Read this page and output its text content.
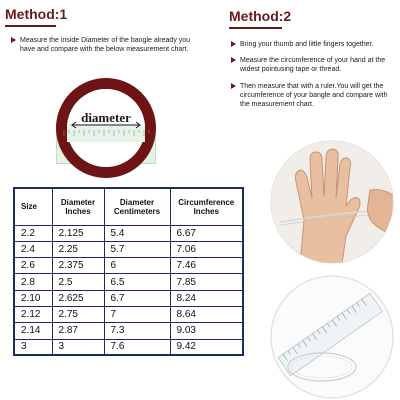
Method:1
Measure the inside Diameter of the bangle already you have and compare with the below measurement chart.
diameter
Method:2
Bring your thumb and little fingers together.
Measure the circumference of your hand at the widest pointusing tape or thread.
Then measure that with a ruler.You will get the circumference of your bangle and compare with the measurement chart.
Size	Diameter Inches	Diameter Centimeters	Circumference Inches
2.2	2.125	5.4	6.67
2.4	2.25	5.7	7.06
2.6	2.375	6	7.46
2.8	2.5	6.5	7.85
2.10	2.625	6.7	8.24
2.12	2.75	7	8.64
2.14	2.87	7.3	9.03
3	3	7.6	9.42
